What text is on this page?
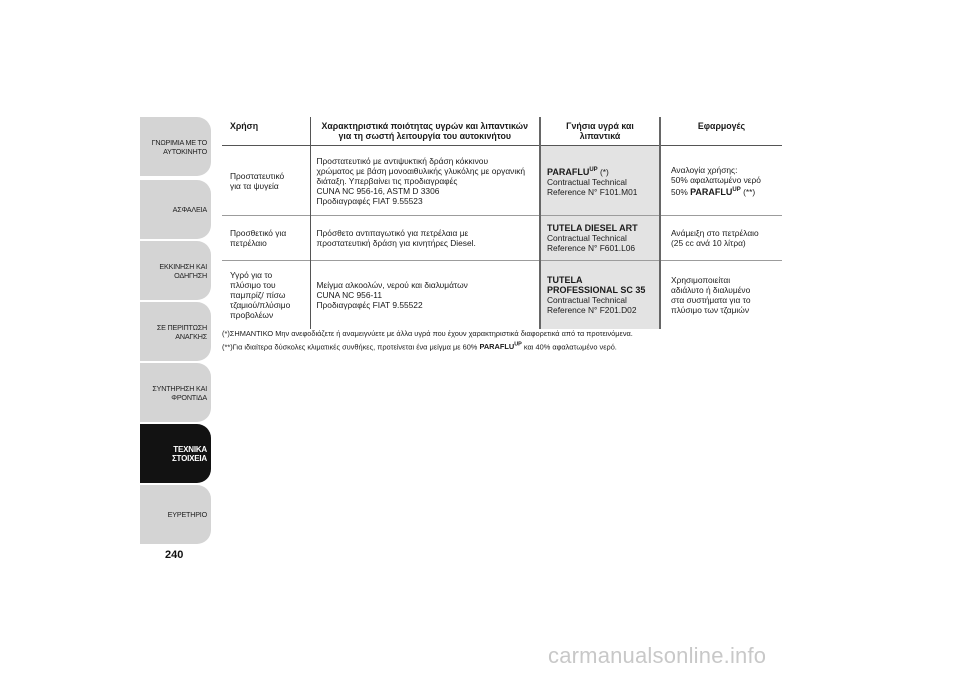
ΓΝΩΡΙΜΙΑ ΜΕ ΤΟ
ΑΥΤΟΚΙΝΗΤΟ
ΑΣΦΑΛΕΙΑ
ΕΚΚΙΝΗΣΗ ΚΑΙ
ΟΔΗΓΗΣΗ
ΣΕ ΠΕΡΙΠΤΩΣΗ
ΑΝΑΓΚΗΣ
ΣΥΝΤΗΡΗΣΗ ΚΑΙ
ΦΡΟΝΤΙΔΑ
ΤΕΧΝΙΚΑ
ΣΤΟΙΧΕΙΑ
ΕΥΡΕΤΗΡΙΟ
240
Χρήση	Χαρακτηριστικά ποιότητας υγρών και λιπαντικών για τη σωστή λειτουργία του αυτοκινήτου	Γνήσια υγρά και λιπαντικά	Εφαρμογές

Προστατευτικό
για τα ψυγεία	Προστατευτικό με αντιψυκτική δράση κόκκινου
χρώματος με βάση μονοαιθυλικής γλυκόλης με οργανική
διάταξη. Υπερβαίνει τις προδιαγραφές
CUNA NC 956-16, ASTM D 3306
Προδιαγραφές FIAT 9.55523	$PARAFLU^{UP}$ (*)
Contractual Technical
Reference N° F101.M01	Αναλογία χρήσης:
50% αφαλατωμένο νερό
50% $PARAFLU^{UP}$ (**)

Προσθετικό για
πετρέλαιο	Πρόσθετο αντιπαγωτικό για πετρέλαια με
προστατευτική δράση για κινητήρες Diesel.	TUTELA DIESEL ART
Contractual Technical
Reference N° F601.L06	Ανάμειξη στο πετρέλαιο
(25 cc ανά 10 λίτρα)

Υγρό για το
πλύσιμο του
παμπρίζ/ πίσω
τζαμιού/πλύσιμο
προβολέων	Μείγμα αλκοολών, νερού και διαλυμάτων
CUNA NC 956-11
Προδιαγραφές FIAT 9.55522	TUTELA
PROFESSIONAL SC 35
Contractual Technical
Reference N° F201.D02	Χρησιμοποιείται
αδιάλυτο ή διαλυμένο
στα συστήματα για το
πλύσιμο των τζαμιών
(*)ΣΗΜΑΝΤΙΚΟ Μην ανεφοδιάζετε ή αναμειγνύετε με άλλα υγρά που έχουν χαρακτηριστικά διαφορετικά από τα προτεινόμενα.
(**)Για ιδιαίτερα δύσκολες κλιματικές συνθήκες, προτείνεται ένα μείγμα με 60% $PARAFLU^{UP}$ και 40% αφαλατωμένο νερό.
carmanualsonline.info
